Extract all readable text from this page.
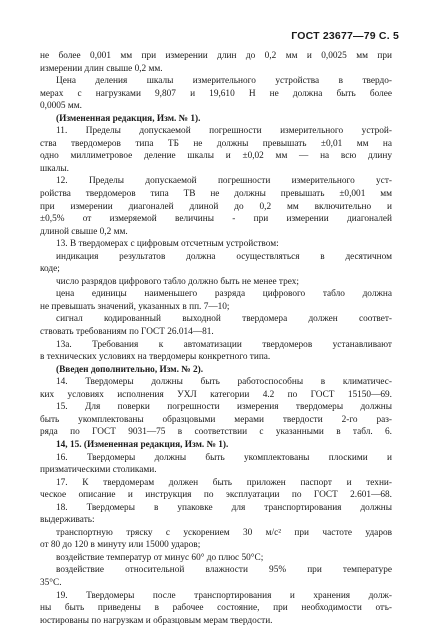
ГОСТ 23677—79 С. 5
не более 0,001 мм при измерении длин до 0,2 мм и 0,0025 мм при
измерении длин свыше 0,2 мм.
Цена деления шкалы измерительного устройства в твердо-
мерах с нагрузками 9,807 и 19,610 Н не должна быть более
0,0005 мм.
(Измененная редакция, Изм. № 1).
11. Пределы допускаемой погрешности измерительного устрой-
ства твердомеров типа ТБ не должны превышать ±0,01 мм на
одно миллиметровое деление шкалы и ±0,02 мм — на всю длину
шкалы.
12. Пределы допускаемой погрешности измерительного уст-
ройства твердомеров типа ТВ не должны превышать ±0,001 мм
при измерении диагоналей длиной до 0,2 мм включительно и
±0,5% от измеряемой величины - при измерении диагоналей
длиной свыше 0,2 мм.
13. В твердомерах с цифровым отсчетным устройством:
индикация результатов должна осуществляться в десятичном
коде;
число разрядов цифрового табло должно быть не менее трех;
цена единицы наименьшего разряда цифрового табло должна
не превышать значений, указанных в пп. 7—10;
сигнал кодированный выходной твердомера должен соответ-
ствовать требованиям по ГОСТ 26.014—81.
13а. Требования к автоматизации твердомеров устанавливают
в технических условиях на твердомеры конкретного типа.
(Введен дополнительно, Изм. № 2).
14. Твердомеры должны быть работоспособны в климатичес-
ких условиях исполнения УХЛ категории 4.2 по ГОСТ 15150—69.
15. Для поверки погрешности измерения твердомеры должны
быть укомплектованы образцовыми мерами твердости 2-го раз-
ряда по ГОСТ 9031—75 в соответствии с указанными в табл. 6.
14, 15. (Измененная редакция, Изм. № 1).
16. Твердомеры должны быть укомплектованы плоскими и
призматическими столиками.
17. К твердомерам должен быть приложен паспорт и техни-
ческое описание и инструкция по эксплуатации по ГОСТ 2.601—68.
18. Твердомеры в упаковке для транспортирования должны
выдерживать:
транспортную тряску с ускорением 30 м/с² при частоте ударов
от 80 до 120 в минуту или 15000 ударов;
воздействие температур от минус 60° до плюс 50°С;
воздействие относительной влажности 95% при температуре
35°С.
19. Твердомеры после транспортирования и хранения долж-
ны быть приведены в рабочее состояние, при необходимости отъ-
юстированы по нагрузкам и образцовым мерам твердости.
